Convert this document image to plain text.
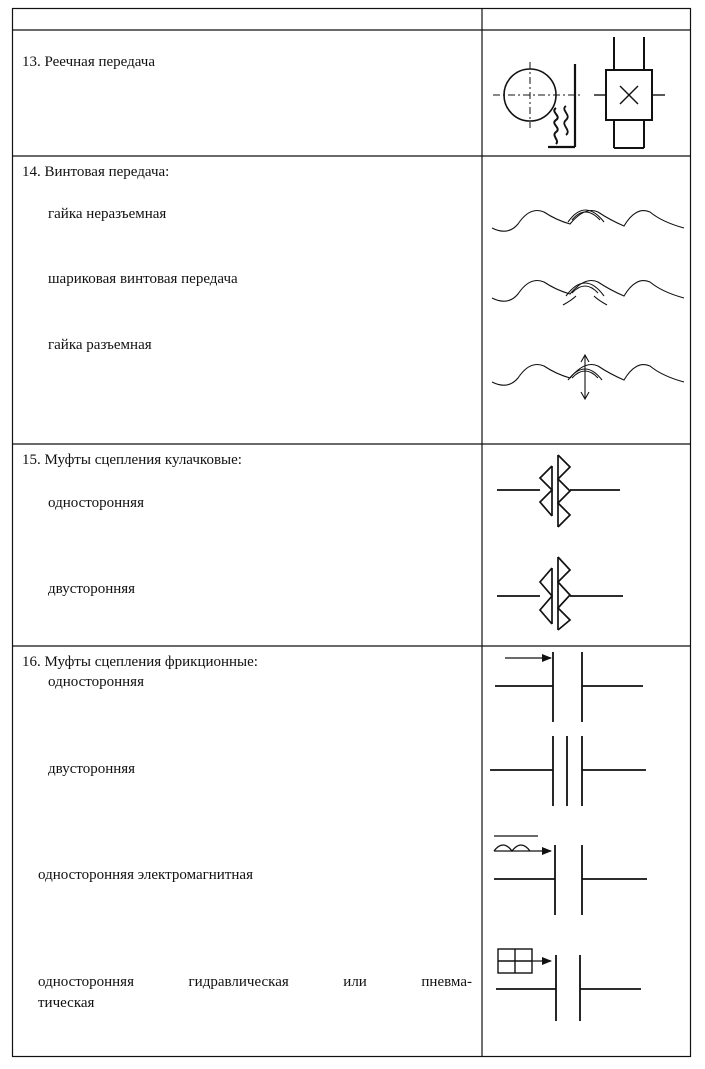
13. Реечная передача
14. Винтовая передача:
гайка неразъемная
шариковая винтовая передача
гайка разъемная
15. Муфты сцепления кулачковые:
односторонняя
двусторонняя
16. Муфты сцепления фрикционные:
односторонняя
двусторонняя
односторонняя электромагнитная
односторонняя	гидравлическая	или	пневма-
тическая
